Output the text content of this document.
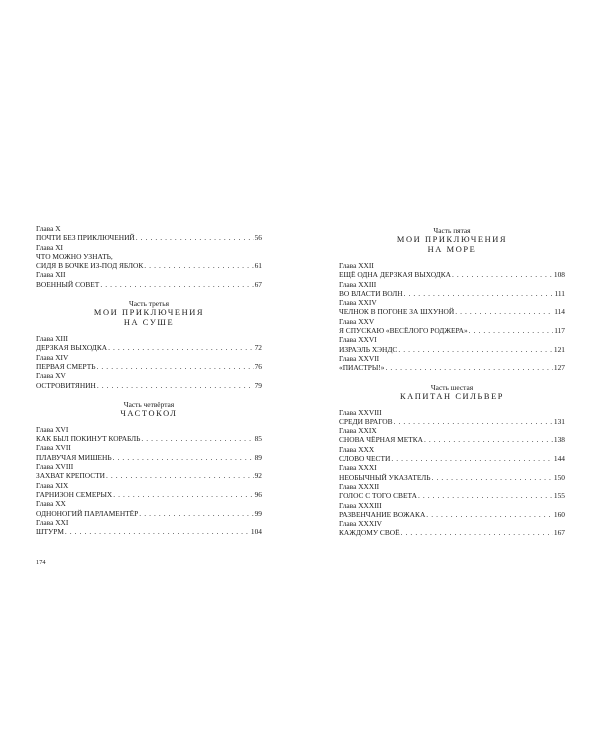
Глава X
ПОЧТИ БЕЗ ПРИКЛЮЧЕНИЙ . . .	56
Глава XI
ЧТО МОЖНО УЗНАТЬ,
СИДЯ В БОЧКЕ ИЗ-ПОД ЯБЛОК . . .	61
Глава XII
ВОЕННЫЙ СОВЕТ . . .	67
Часть третья
МОИ ПРИКЛЮЧЕНИЯ
НА СУШЕ
Глава XIII
ДЕРЗКАЯ ВЫХОДКА . . .	72
Глава XIV
ПЕРВАЯ СМЕРТЬ . . .	76
Глава XV
ОСТРОВИТЯНИН . . .	79
Часть четвёртая
ЧАСТОКОЛ
Глава XVI
КАК БЫЛ ПОКИНУТ КОРАБЛЬ . . .	85
Глава XVII
ПЛАВУЧАЯ МИШЕНЬ . . .	89
Глава XVIII
ЗАХВАТ КРЕПОСТИ . . .	92
Глава XIX
ГАРНИЗОН СЕМЕРЫХ . . .	96
Глава XX
ОДНОНОГИЙ ПАРЛАМЕНТЁР . . .	99
Глава XXI
ШТУРМ . . .	104
Часть пятая
МОИ ПРИКЛЮЧЕНИЯ
НА МОРЕ
Глава XXII
ЕЩЁ ОДНА ДЕРЗКАЯ ВЫХОДКА . . .	108
Глава XXIII
ВО ВЛАСТИ ВОЛН . . .	111
Глава XXIV
ЧЕЛНОК В ПОГОНЕ ЗА ШХУНОЙ . . .	114
Глава XXV
Я СПУСКАЮ «ВЕСЁЛОГО РОДЖЕРА» . . .	117
Глава XXVI
ИЗРАЭЛЬ ХЭНДС . . .	121
Глава XXVII
«ПИАСТРЫ!» . . .	127
Часть шестая
КАПИТАН СИЛЬВЕР
Глава XXVIII
СРЕДИ ВРАГОВ . . .	131
Глава XXIX
СНОВА ЧЁРНАЯ МЕТКА . . .	138
Глава XXX
СЛОВО ЧЕСТИ . . .	144
Глава XXXI
НЕОБЫЧНЫЙ УКАЗАТЕЛЬ . . .	150
Глава XXXII
ГОЛОС С ТОГО СВЕТА . . .	155
Глава XXXIII
РАЗВЕНЧАНИЕ ВОЖАКА . . .	160
Глава XXXIV
КАЖДОМУ СВОЁ . . .	167
174
